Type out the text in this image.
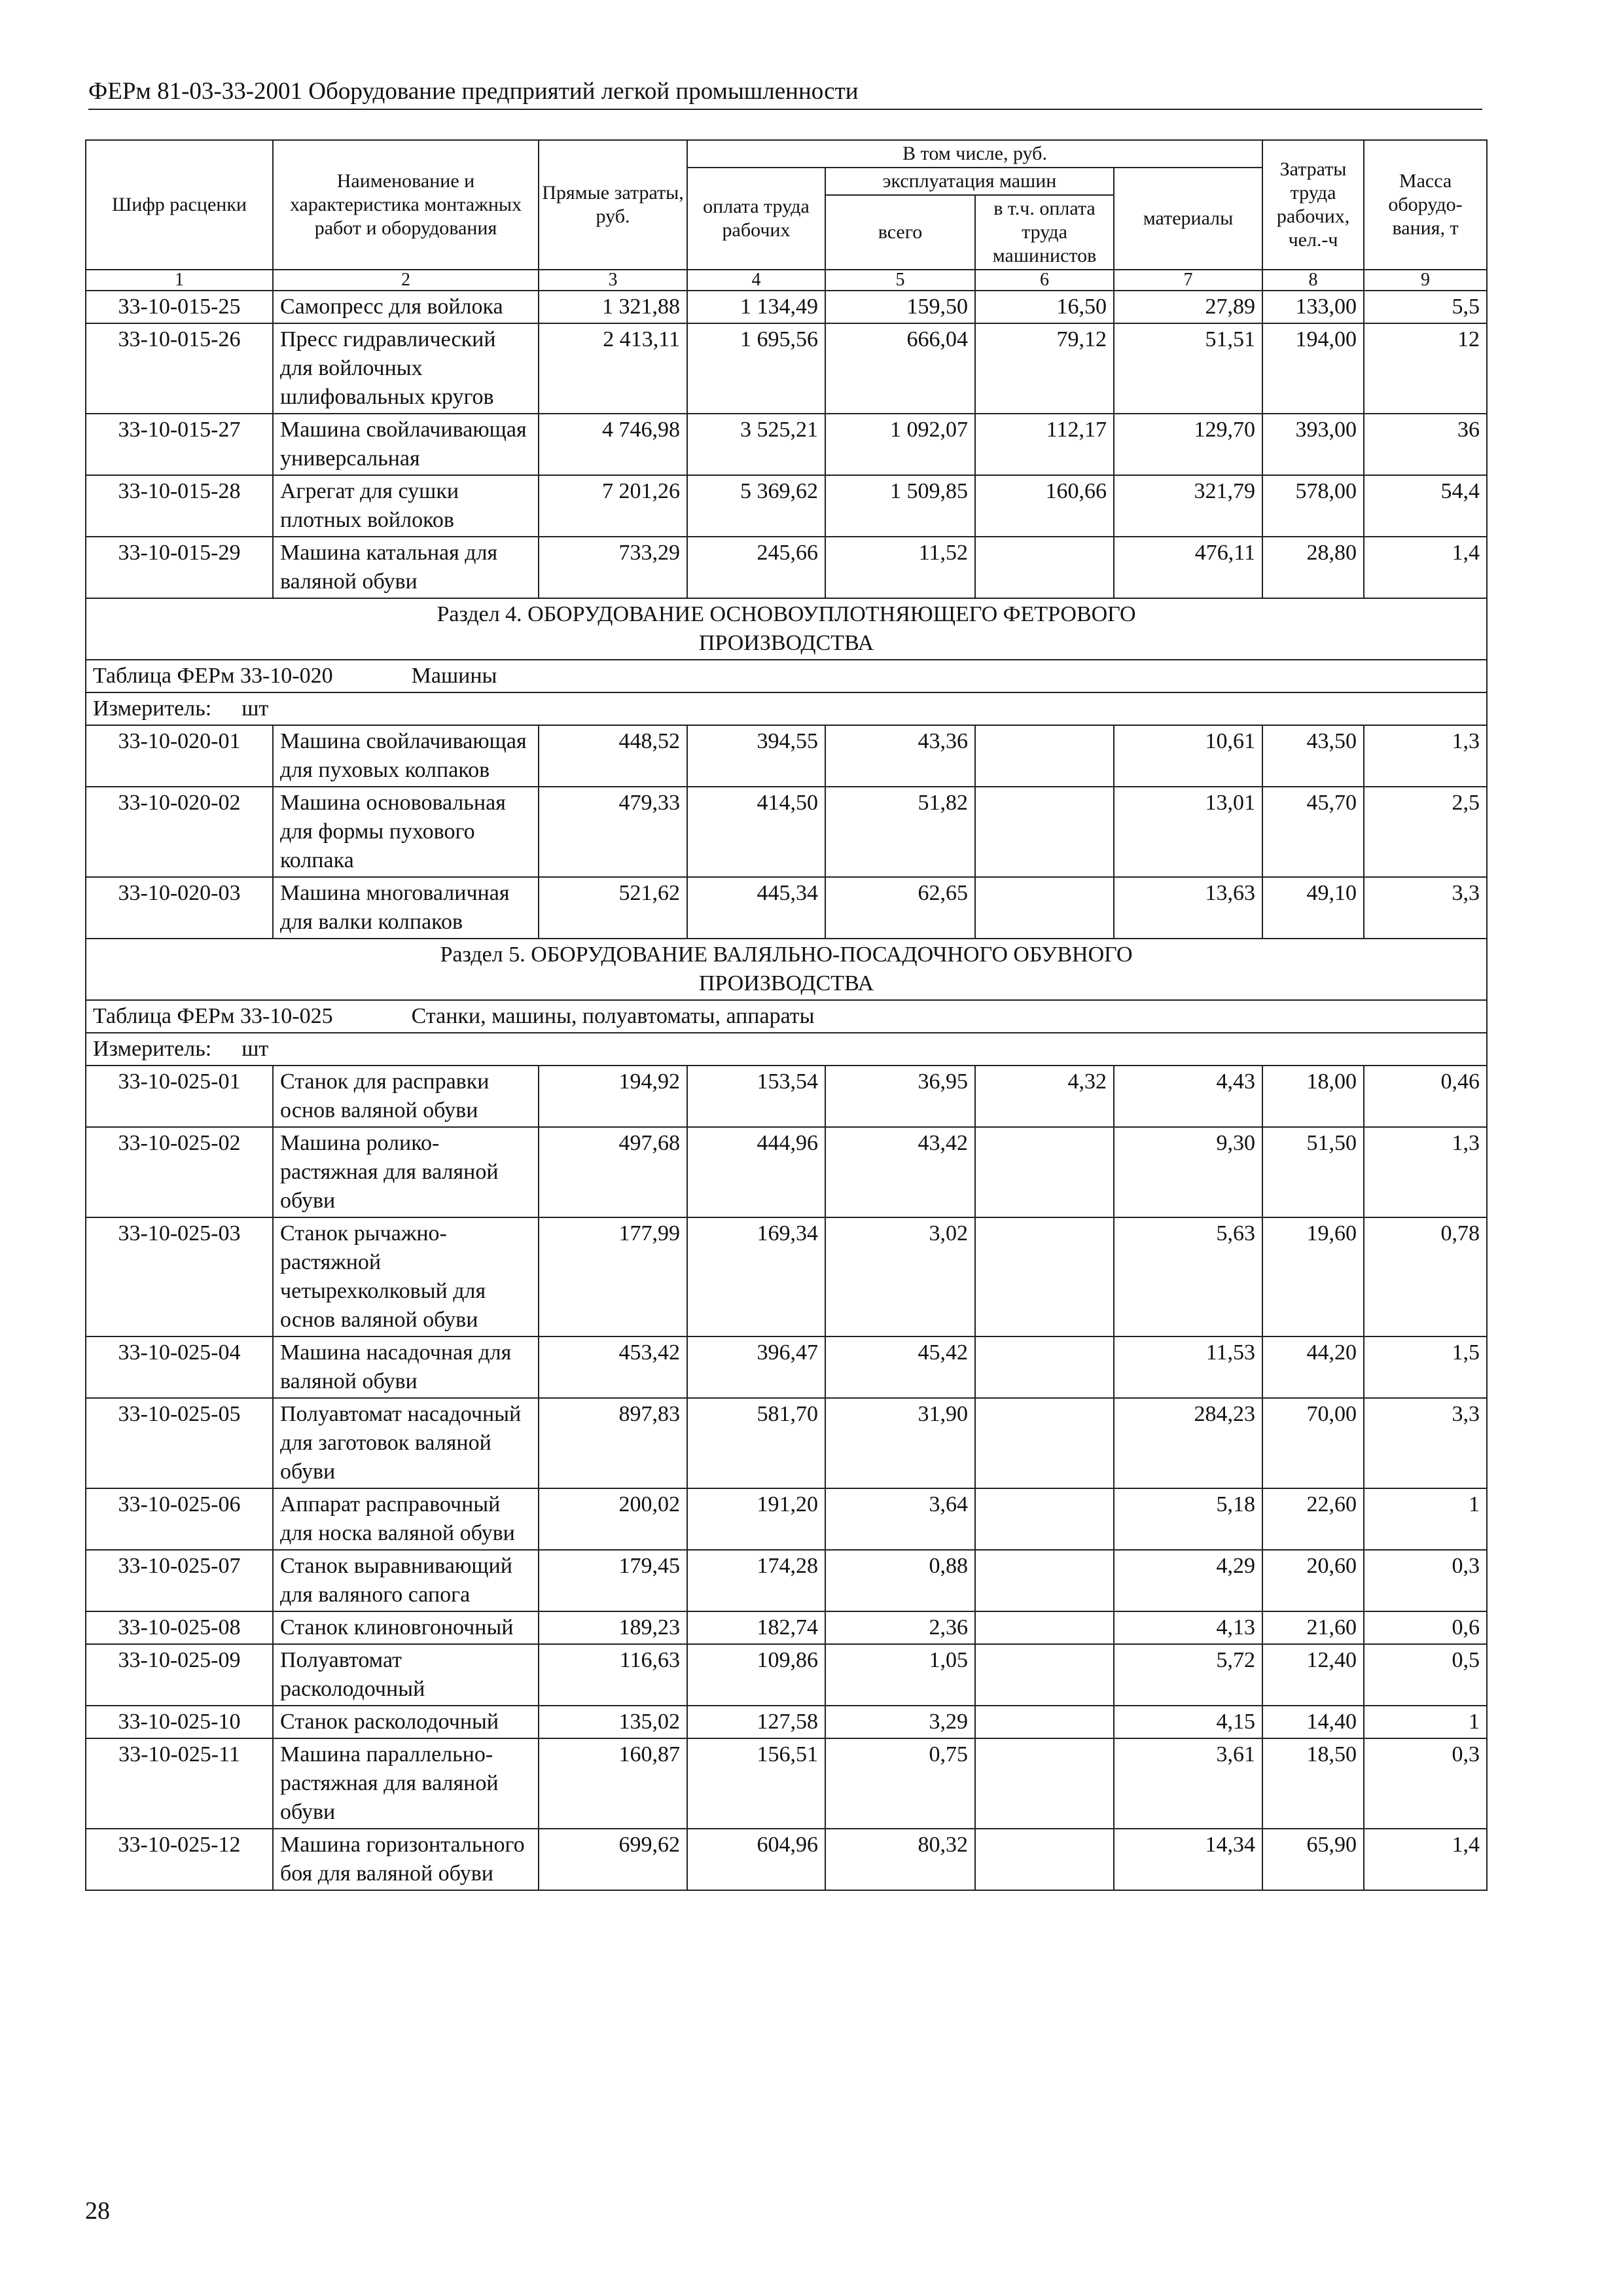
ФЕРм 81-03-33-2001 Оборудование предприятий легкой промышленности
Шифр расценки	Наименование и характеристика монтажных работ и оборудования	Прямые затраты, руб.	В том числе, руб.				Затраты труда рабочих, чел.-ч	Масса оборудо-вания, т
			оплата труда рабочих	эксплуатация машин		материалы		
				всего	в т.ч. оплата труда машинистов			
1	2	3	4	5	6	7	8	9
33-10-015-25	Самопресс для войлока	1 321,88	1 134,49	159,50	16,50	27,89	133,00	5,5
33-10-015-26	Пресс гидравлический для войлочных шлифовальных кругов	2 413,11	1 695,56	666,04	79,12	51,51	194,00	12
33-10-015-27	Машина свойлачивающая универсальная	4 746,98	3 525,21	1 092,07	112,17	129,70	393,00	36
33-10-015-28	Агрегат для сушки плотных войлоков	7 201,26	5 369,62	1 509,85	160,66	321,79	578,00	54,4
33-10-015-29	Машина катальная для валяной обуви	733,29	245,66	11,52		476,11	28,80	1,4

Раздел 4. ОБОРУДОВАНИЕ ОСНОВОУПЛОТНЯЮЩЕГО ФЕТРОВОГО
ПРОИЗВОДСТВА								

Таблица ФЕРм 33-10-020 Машины								
Измеритель: шт								
33-10-020-01	Машина свойлачивающая для пуховых колпаков	448,52	394,55	43,36		10,61	43,50	1,3
33-10-020-02	Машина основовальная для формы пухового колпака	479,33	414,50	51,82		13,01	45,70	2,5
33-10-020-03	Машина многоваличная для валки колпаков	521,62	445,34	62,65		13,63	49,10	3,3

Раздел 5. ОБОРУДОВАНИЕ ВАЛЯЛЬНО-ПОСАДОЧНОГО ОБУВНОГО
ПРОИЗВОДСТВА								

Таблица ФЕРм 33-10-025 Станки, машины, полуавтоматы, аппараты								
Измеритель: шт								
33-10-025-01	Станок для расправки основ валяной обуви	194,92	153,54	36,95	4,32	4,43	18,00	0,46
33-10-025-02	Машина ролико-растяжная для валяной обуви	497,68	444,96	43,42		9,30	51,50	1,3
33-10-025-03	Станок рычажно-растяжной четырехколковый для основ валяной обуви	177,99	169,34	3,02		5,63	19,60	0,78
33-10-025-04	Машина насадочная для валяной обуви	453,42	396,47	45,42		11,53	44,20	1,5
33-10-025-05	Полуавтомат насадочный для заготовок валяной обуви	897,83	581,70	31,90		284,23	70,00	3,3
33-10-025-06	Аппарат расправочный для носка валяной обуви	200,02	191,20	3,64		5,18	22,60	1
33-10-025-07	Станок выравнивающий для валяного сапога	179,45	174,28	0,88		4,29	20,60	0,3
33-10-025-08	Станок клиновгоночный	189,23	182,74	2,36		4,13	21,60	0,6
33-10-025-09	Полуавтомат расколодочный	116,63	109,86	1,05		5,72	12,40	0,5
33-10-025-10	Станок расколодочный	135,02	127,58	3,29		4,15	14,40	1
33-10-025-11	Машина параллельно-растяжная для валяной обуви	160,87	156,51	0,75		3,61	18,50	0,3
33-10-025-12	Машина горизонтального боя для валяной обуви	699,62	604,96	80,32		14,34	65,90	1,4
28
